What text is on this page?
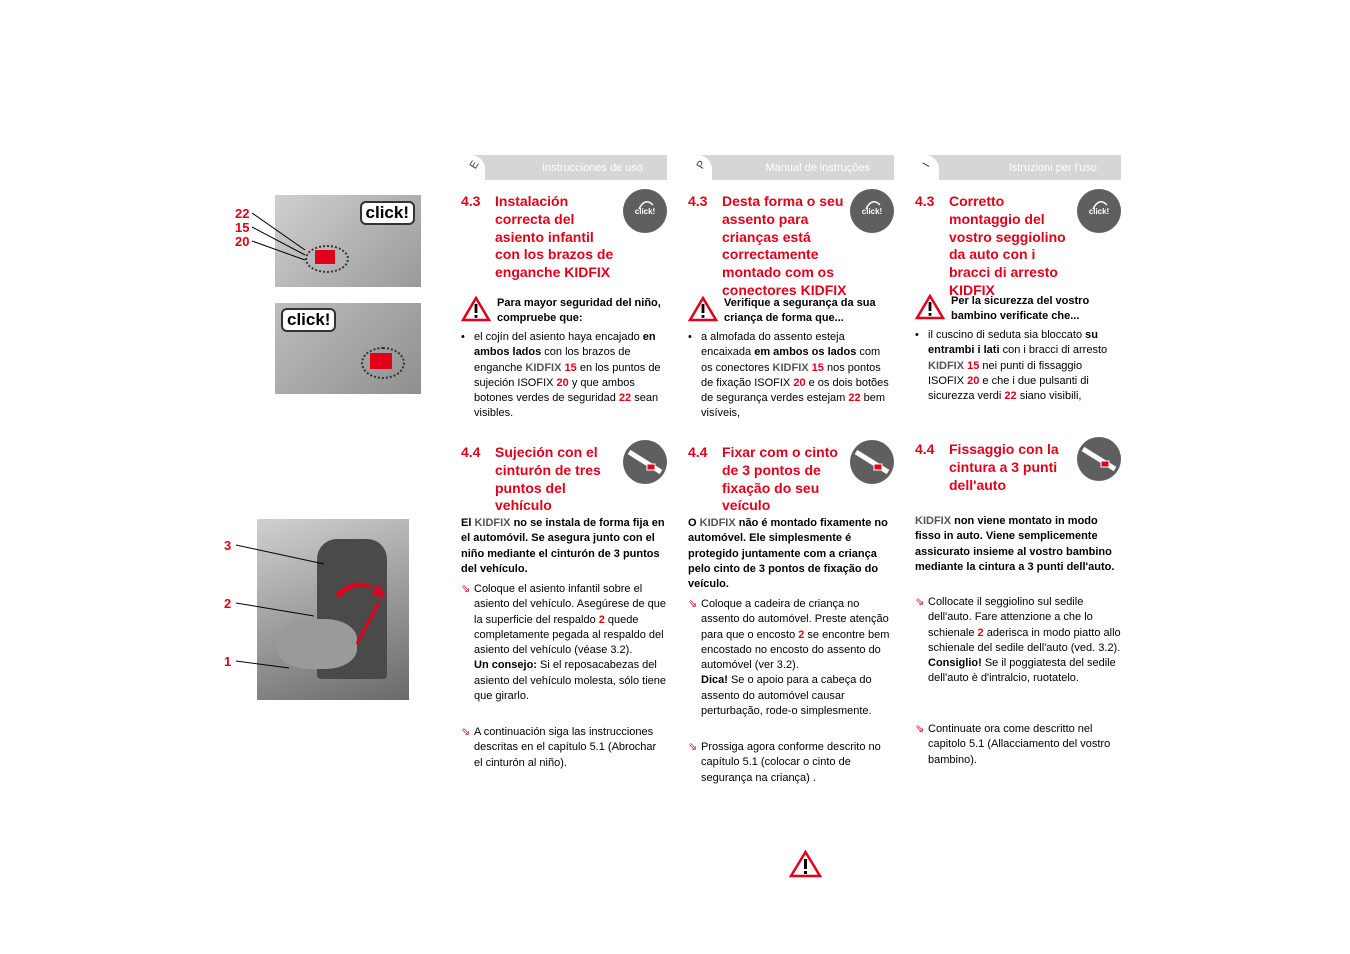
click!
22
15
20
click!
3
2
1
E	Instrucciones de uso
4.3 Instalación correcta del asiento infantil con los brazos de enganche KIDFIX
click!
Para mayor seguridad del niño, compruebe que:
• el cojín del asiento haya encajado en ambos lados con los brazos de enganche KIDFIX 15 en los puntos de sujeción ISOFIX 20 y que ambos botones verdes de seguridad 22 sean visibles.
4.4 Sujeción con el cinturón de tres puntos del vehículo
El KIDFIX no se instala de forma fija en el automóvil. Se asegura junto con el niño mediante el cinturón de 3 puntos del vehículo.
⇘ Coloque el asiento infantil sobre el asiento del vehículo. Asegúrese de que la superficie del respaldo 2 quede completamente pegada al respaldo del asiento del vehículo (véase 3.2).
Un consejo: Si el reposacabezas del asiento del vehículo molesta, sólo tiene que girarlo.
⇘ A continuación siga las instrucciones descritas en el capítulo 5.1 (Abrochar el cinturón al niño).
P	Manual de instruções
4.3 Desta forma o seu assento para crianças está correctamente montado com os conectores KIDFIX
click!
Verifique a segurança da sua criança de forma que...
• a almofada do assento esteja encaixada em ambos os lados com os conectores KIDFIX 15 nos pontos de fixação ISOFIX 20 e os dois botões de segurança verdes estejam 22 bem visíveis,
4.4 Fixar com o cinto de 3 pontos de fixação do seu veículo
O KIDFIX não é montado fixamente no automóvel. Ele simplesmente é protegido juntamente com a criança pelo cinto de 3 pontos de fixação do veículo.
⇘ Coloque a cadeira de criança no assento do automóvel. Preste atenção para que o encosto 2 se encontre bem encostado no encosto do assento do automóvel (ver 3.2).
Dica! Se o apoio para a cabeça do assento do automóvel causar perturbação, rode-o simplesmente.
⇘ Prossiga agora conforme descrito no capítulo 5.1 (colocar o cinto de segurança na criança) .
I	Istruzioni per l'uso
4.3 Corretto montaggio del vostro seggiolino da auto con i bracci di arresto KIDFIX
click!
Per la sicurezza del vostro bambino verificate che...
• il cuscino di seduta sia bloccato su entrambi i lati con i bracci di arresto KIDFIX 15 nei punti di fissaggio ISOFIX 20 e che i due pulsanti di sicurezza verdi 22 siano visibili,
4.4 Fissaggio con la cintura a 3 punti dell'auto
KIDFIX non viene montato in modo fisso in auto. Viene semplicemente assicurato insieme al vostro bambino mediante la cintura a 3 punti dell'auto.
⇘ Collocate il seggiolino sul sedile dell'auto. Fare attenzione a che lo schienale 2 aderisca in modo piatto allo schienale del sedile dell'auto (ved. 3.2).
Consiglio! Se il poggiatesta del sedile dell'auto è d'intralcio, ruotatelo.
⇘ Continuate ora come descritto nel capitolo 5.1 (Allacciamento del vostro bambino).
